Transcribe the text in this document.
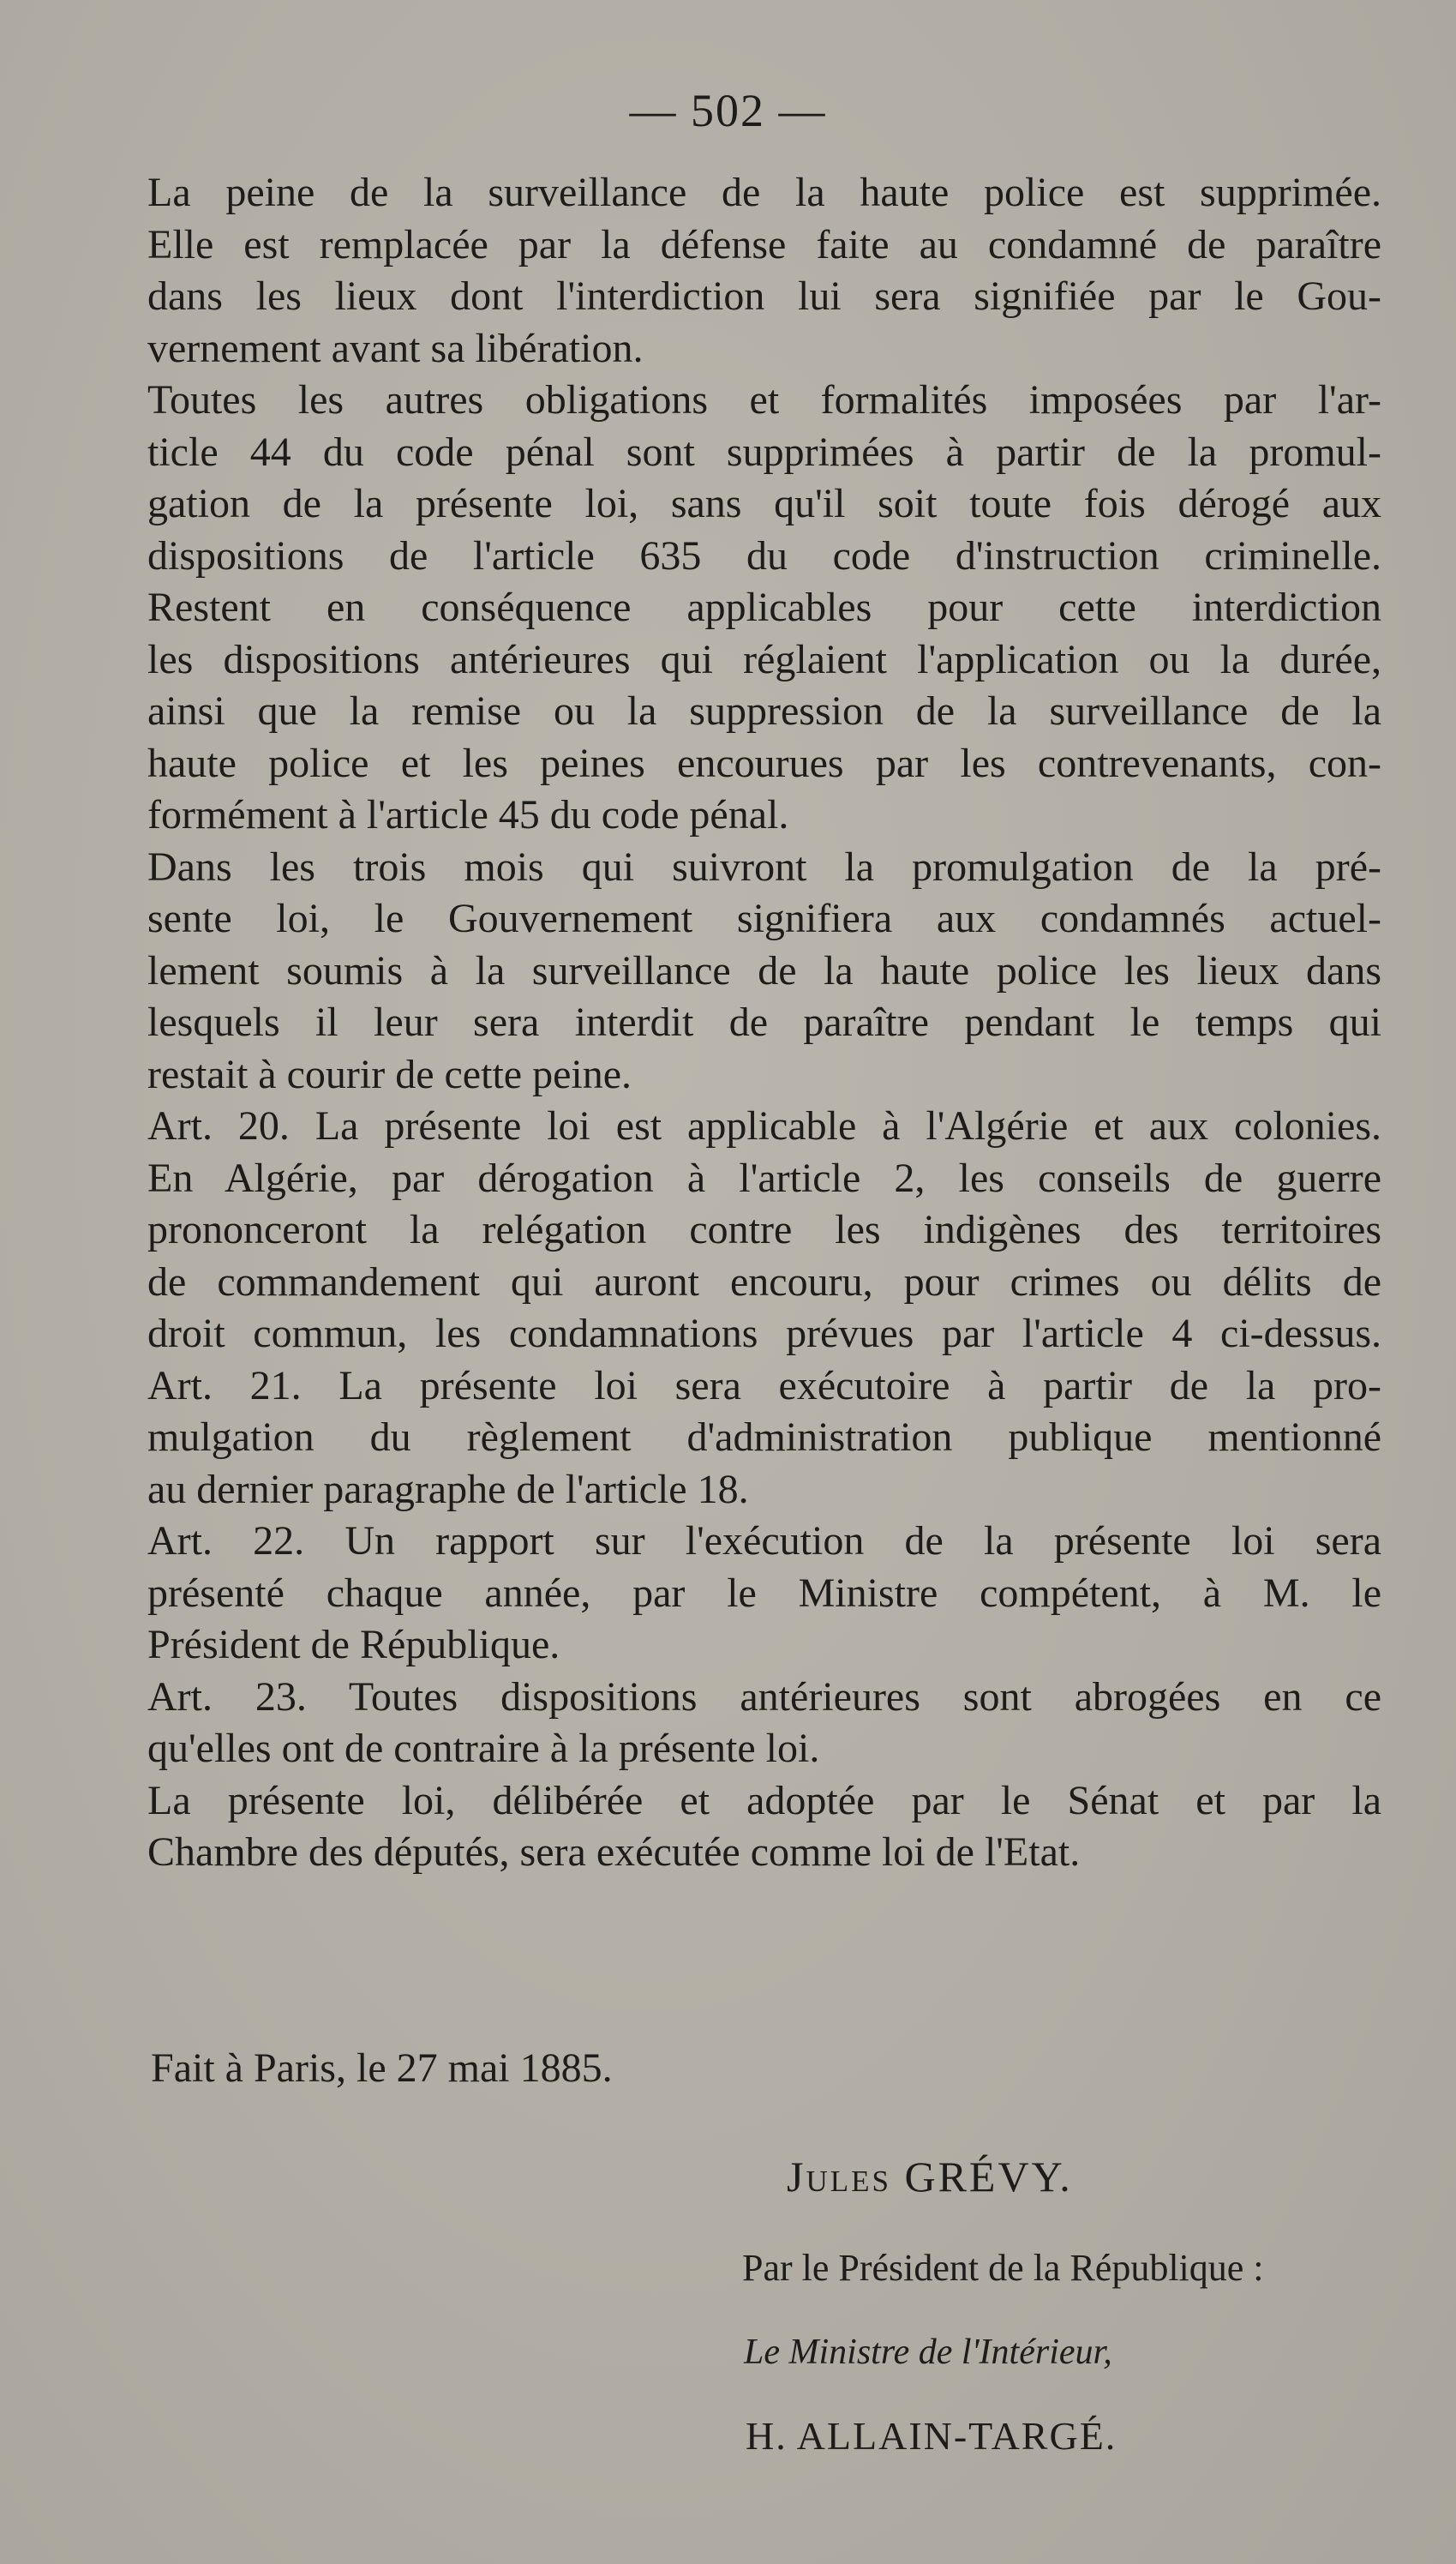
— 502 —
La peine de la surveillance de la haute police est supprimée.
Elle est remplacée par la défense faite au condamné de paraître
dans les lieux dont l'interdiction lui sera signifiée par le Gou-
vernement avant sa libération.
Toutes les autres obligations et formalités imposées par l'ar-
ticle 44 du code pénal sont supprimées à partir de la promul-
gation de la présente loi, sans qu'il soit toute fois dérogé aux
dispositions de l'article 635 du code d'instruction criminelle.
Restent en conséquence applicables pour cette interdiction
les dispositions antérieures qui réglaient l'application ou la durée,
ainsi que la remise ou la suppression de la surveillance de la
haute police et les peines encourues par les contrevenants, con-
formément à l'article 45 du code pénal.
Dans les trois mois qui suivront la promulgation de la pré-
sente loi, le Gouvernement signifiera aux condamnés actuel-
lement soumis à la surveillance de la haute police les lieux dans
lesquels il leur sera interdit de paraître pendant le temps qui
restait à courir de cette peine.
Art. 20. La présente loi est applicable à l'Algérie et aux colonies.
En Algérie, par dérogation à l'article 2, les conseils de guerre
prononceront la relégation contre les indigènes des territoires
de commandement qui auront encouru, pour crimes ou délits de
droit commun, les condamnations prévues par l'article 4 ci-dessus.
Art. 21. La présente loi sera exécutoire à partir de la pro-
mulgation du règlement d'administration publique mentionné
au dernier paragraphe de l'article 18.
Art. 22. Un rapport sur l'exécution de la présente loi sera
présenté chaque année, par le Ministre compétent, à M. le
Président de République.
Art. 23. Toutes dispositions antérieures sont abrogées en ce
qu'elles ont de contraire à la présente loi.
La présente loi, délibérée et adoptée par le Sénat et par la
Chambre des députés, sera exécutée comme loi de l'Etat.
Fait à Paris, le 27 mai 1885.
Jules GRÉVY.
Par le Président de la République :
Le Ministre de l'Intérieur,
H. ALLAIN-TARGÉ.
